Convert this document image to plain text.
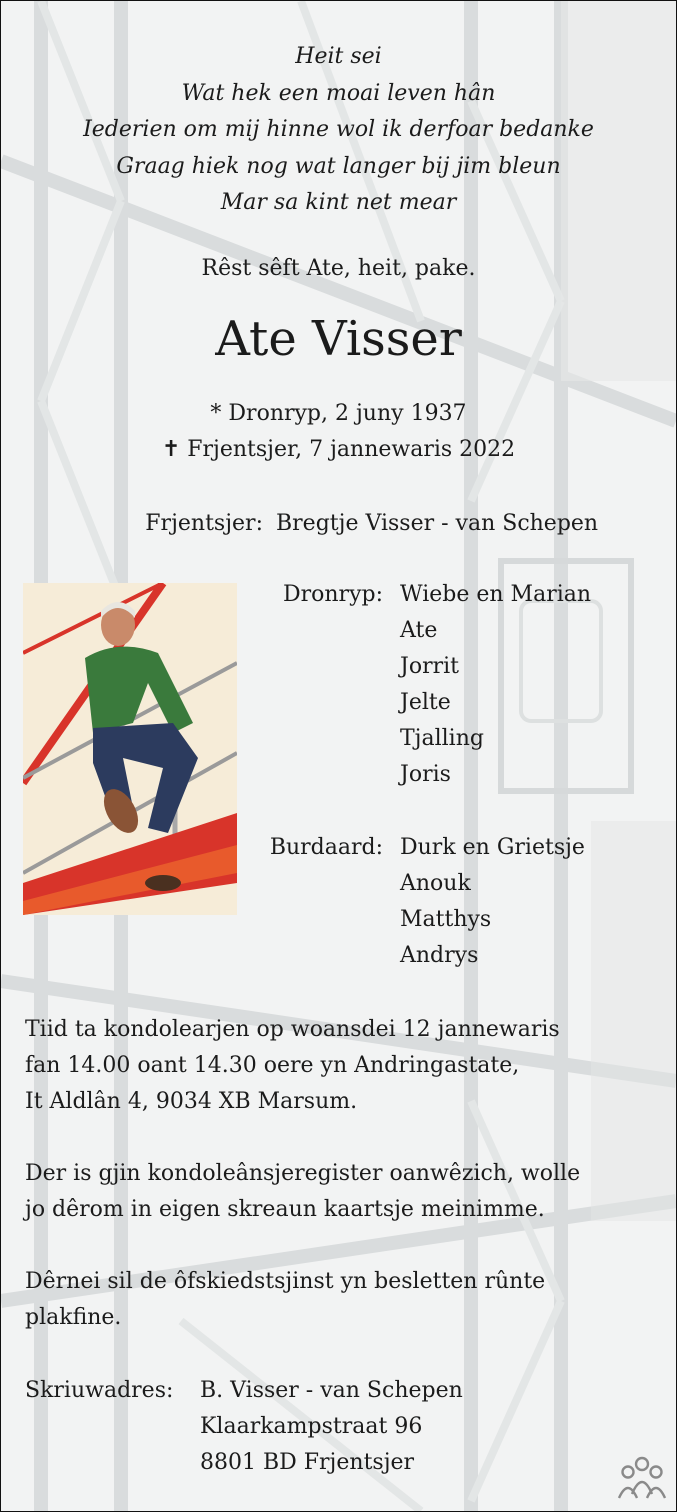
Heit sei
Wat hek een moai leven hân
Iederien om mij hinne wol ik derfoar bedanke
Graag hiek nog wat langer bij jim bleun
Mar sa kint net mear
Rêst sêft Ate, heit, pake.
Ate Visser
* Dronryp, 2 juny 1937
✝ Frjentsjer, 7 jannewaris 2022
Frjentsjer: Bregtje Visser - van Schepen
Dronryp: Wiebe en Marian
Ate
Jorrit
Jelte
Tjalling
Joris
Burdaard: Durk en Grietsje
Anouk
Matthys
Andrys
Tiid ta kondolearjen op woansdei 12 jannewaris
fan 14.00 oant 14.30 oere yn Andringastate,
It Aldlân 4, 9034 XB Marsum.
Der is gjin kondoleânsjeregister oanwêzich, wolle
jo dêrom in eigen skreaun kaartsje meinimme.
Dêrnei sil de ôfskiedstsjinst yn besletten rûnte
plakfine.
Skriuwadres: B. Visser - van Schepen
Klaarkampstraat 96
8801 BD Frjentsjer
